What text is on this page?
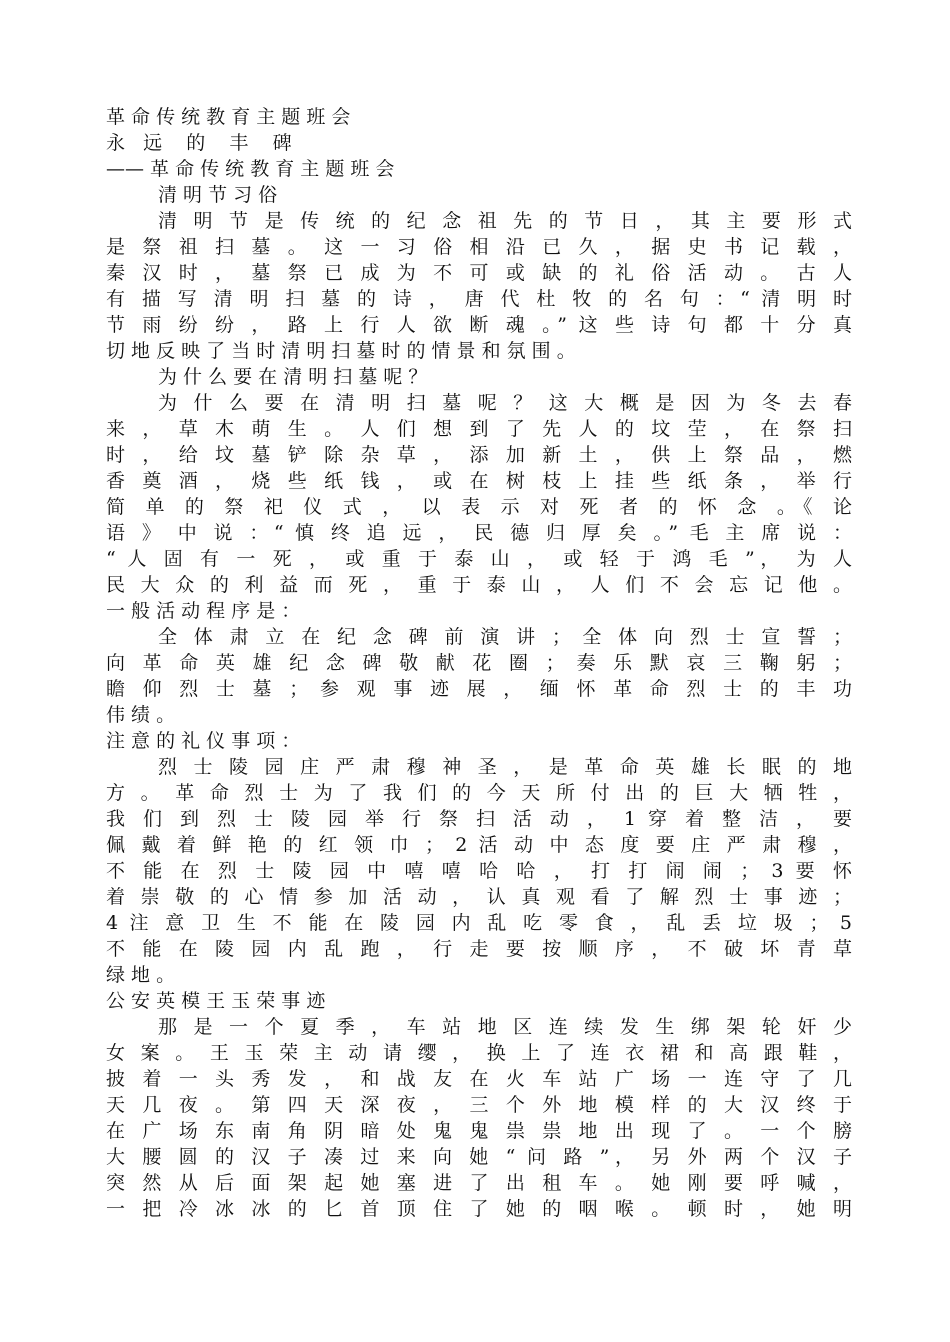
革 命 传 统 教 育 主 题 班 会
永   远    的    丰    碑
—— 革 命 传 统 教 育 主 题 班 会
清 明 节 习 俗
清 明 节 是 传 统 的 纪 念 祖 先 的 节 日 ， 其 主 要 形 式
是 祭 祖 扫 墓 。 这 一 习 俗 相 沿 已 久 ， 据 史 书 记 载 ，
秦 汉 时 ， 墓 祭 已 成 为 不 可 或 缺 的 礼 俗 活 动 。 古 人
有 描 写 清 明 扫 墓 的 诗 ， 唐 代 杜 牧 的 名 句 ：“ 清 明 时
节 雨 纷 纷 ， 路 上 行 人 欲 断 魂 。” 这 些 诗 句 都 十 分 真
切 地 反 映 了 当 时 清 明 扫 墓 时 的 情 景 和 氛 围 。
为 什 么 要 在 清 明 扫 墓 呢 ？
为 什 么 要 在 清 明 扫 墓 呢 ？ 这 大 概 是 因 为 冬 去 春
来 ， 草 木 萌 生 。 人 们 想 到 了 先 人 的 坟 茔 ， 在 祭 扫
时 ， 给 坟 墓 铲 除 杂 草 ， 添 加 新 土 ， 供 上 祭 品 ， 燃
香 奠 酒 ， 烧 些 纸 钱 ， 或 在 树 枝 上 挂 些 纸 条 ， 举 行
简 单 的 祭 祀 仪 式 ， 以 表 示 对 死 者 的 怀 念 。《 论
语 》 中 说 ：“ 慎 终 追 远 ， 民 德 归 厚 矣 。” 毛 主 席 说 ：
“ 人 固 有 一 死 ， 或 重 于 泰 山 ， 或 轻 于 鸿 毛 ”， 为 人
民 大 众 的 利 益 而 死 ， 重 于 泰 山 ， 人 们 不 会 忘 记 他 。
一 般 活 动 程 序 是 ：
全 体 肃 立 在 纪 念 碑 前 演 讲 ； 全 体 向 烈 士 宣 誓 ；
向 革 命 英 雄 纪 念 碑 敬 献 花 圈 ； 奏 乐 默 哀 三 鞠 躬 ；
瞻 仰 烈 士 墓 ； 参 观 事 迹 展 ， 缅 怀 革 命 烈 士 的 丰 功
伟 绩 。
注 意 的 礼 仪 事 项 ：
烈 士 陵 园 庄 严 肃 穆 神 圣 ， 是 革 命 英 雄 长 眠 的 地
方 。 革 命 烈 士 为 了 我 们 的 今 天 所 付 出 的 巨 大 牺 牲 ，
我 们 到 烈 士 陵 园 举 行 祭 扫 活 动 ， 1 穿 着 整 洁 ， 要
佩 戴 着 鲜 艳 的 红 领 巾 ； 2 活 动 中 态 度 要 庄 严 肃 穆 ，
不 能 在 烈 士 陵 园 中 嘻 嘻 哈 哈 ， 打 打 闹 闹 ； 3 要 怀
着 崇 敬 的 心 情 参 加 活 动 ， 认 真 观 看 了 解 烈 士 事 迹 ；
4 注 意 卫 生 不 能 在 陵 园 内 乱 吃 零 食 ， 乱 丢 垃 圾 ； 5
不 能 在 陵 园 内 乱 跑 ， 行 走 要 按 顺 序 ， 不 破 坏 青 草
绿 地 。
公 安 英 模 王 玉 荣 事 迹
那 是 一 个 夏 季 ， 车 站 地 区 连 续 发 生 绑 架 轮 奸 少
女 案 。 王 玉 荣 主 动 请 缨 ， 换 上 了 连 衣 裙 和 高 跟 鞋 ，
披 着 一 头 秀 发 ， 和 战 友 在 火 车 站 广 场 一 连 守 了 几
天 几 夜 。 第 四 天 深 夜 ， 三 个 外 地 模 样 的 大 汉 终 于
在 广 场 东 南 角 阴 暗 处 鬼 鬼 祟 祟 地 出 现 了 。 一 个 膀
大 腰 圆 的 汉 子 凑 过 来 向 她 “ 问 路 ”， 另 外 两 个 汉 子
突 然 从 后 面 架 起 她 塞 进 了 出 租 车 。 她 刚 要 呼 喊 ，
一 把 冷 冰 冰 的 匕 首 顶 住 了 她 的 咽 喉 。 顿 时 ， 她 明
